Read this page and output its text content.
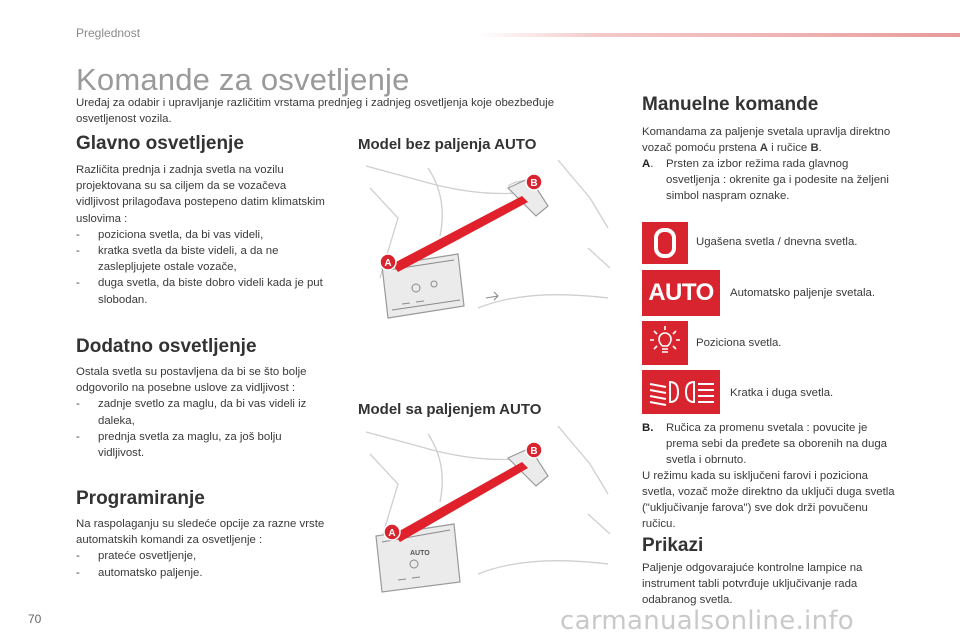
Preglednost
Komande za osvetljenje
Uređaj za odabir i upravljanje različitim vrstama prednjeg i zadnjeg osvetljenja koje obezbeđuje osvetljenost vozila.
Glavno osvetljenje
Različita prednja i zadnja svetla na vozilu projektovana su sa ciljem da se vozačeva vidljivost prilagođava postepeno datim klimatskim uslovima :
-	poziciona svetla, da bi vas videli,
-	kratka svetla da biste videli, a da ne zaslepljujete ostale vozače,
-	duga svetla, da biste dobro videli kada je put slobodan.
Dodatno osvetljenje
Ostala svetla su postavljena da bi se što bolje odgovorilo na posebne uslove za vidljivost :
-	zadnje svetlo za maglu, da bi vas videli iz daleka,
-	prednja svetla za maglu, za još bolju vidljivost.
Programiranje
Na raspolaganju su sledeće opcije za razne vrste automatskih komandi za osvetljenje :
-	prateće osvetljenje,
-	automatsko paljenje.
Model bez paljenja AUTO
A
B
Model sa paljenjem AUTO
AUTO
A
B
Manuelne komande
Komandama za paljenje svetala upravlja direktno vozač pomoću prstena A i ručice B.
A.	Prsten za izbor režima rada glavnog osvetljenja : okrenite ga i podesite na željeni simbol naspram oznake.
Ugašena svetla / dnevna svetla.
AUTO	Automatsko paljenje svetala.
Poziciona svetla.
Kratka i duga svetla.
B.	Ručica za promenu svetala : povucite je prema sebi da pređete sa oborenih na duga svetla i obrnuto.
U režimu kada su isključeni farovi i poziciona svetla, vozač može direktno da uključi duga svetla ("uključivanje farova") sve dok drži povučenu ručicu.
Prikazi
Paljenje odgovarajuće kontrolne lampice na instrument tabli potvrđuje uključivanje rada odabranog svetla.
70	carmanualsonline.info
